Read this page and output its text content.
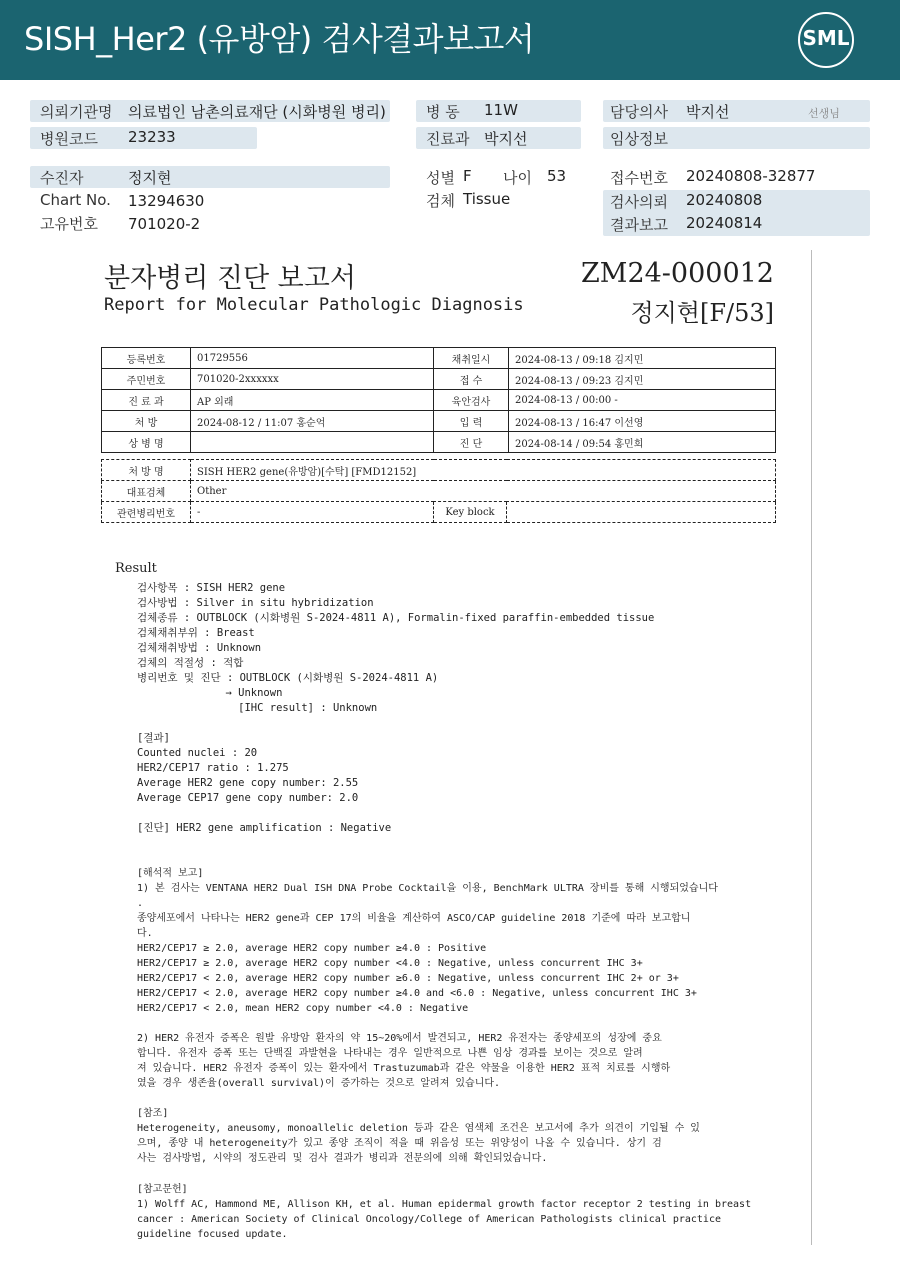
SISH_Her2 (유방암) 검사결과보고서	SML
의뢰기관명 의료법인 남촌의료재단 (시화병원 병리)
병원코드 23233
병 동 11W
진료과 박지선
담당의사 박지선	선생님
임상정보
수진자	정지현
Chart No. 13294630
고유번호 701020-2
성별 F 나이 53
검체 Tissue
접수번호 20240808-32877
검사의뢰 20240808
결과보고 20240814
분자병리 진단 보고서
Report for Molecular Pathologic Diagnosis
ZM24-000012
정지현[F/53]
등록번호	01729556	채취일시	2024-08-13 / 09:18 김지민
주민번호	701020-2xxxxxx	접 수	2024-08-13 / 09:23 김지민
진 료 과	AP 외래	육안검사	2024-08-13 / 00:00 -
처 방	2024-08-12 / 11:07 홍순억	입 력	2024-08-13 / 16:47 이선영
상 병 명		진 단	2024-08-14 / 09:54 홍민희
처 방 명	SISH HER2 gene(유방암)[수탁] [FMD12152]		
대표검체	Other		
관련병리번호	-	Key block	
Result
검사항목 : SISH HER2 gene
검사방법 : Silver in situ hybridization
검체종류 : OUTBLOCK (시화병원 S-2024-4811 A), Formalin-fixed paraffin-embedded tissue
검체채취부위 : Breast
검체채취방법 : Unknown
검체의 적절성 : 적합
병리번호 및 진단 : OUTBLOCK (시화병원 S-2024-4811 A)
→ Unknown
[IHC result] : Unknown
[결과]
Counted nuclei : 20
HER2/CEP17 ratio : 1.275
Average HER2 gene copy number: 2.55
Average CEP17 gene copy number: 2.0
[진단] HER2 gene amplification : Negative
[해석적 보고]
1) 본 검사는 VENTANA HER2 Dual ISH DNA Probe Cocktail을 이용, BenchMark ULTRA 장비를 통해 시행되었습니다
.
종양세포에서 나타나는 HER2 gene과 CEP 17의 비율을 계산하여 ASCO/CAP guideline 2018 기준에 따라 보고합니
다.
HER2/CEP17 ≥ 2.0, average HER2 copy number ≥4.0 : Positive
HER2/CEP17 ≥ 2.0, average HER2 copy number <4.0 : Negative, unless concurrent IHC 3+
HER2/CEP17 < 2.0, average HER2 copy number ≥6.0 : Negative, unless concurrent IHC 2+ or 3+
HER2/CEP17 < 2.0, average HER2 copy number ≥4.0 and <6.0 : Negative, unless concurrent IHC 3+
HER2/CEP17 < 2.0, mean HER2 copy number <4.0 : Negative
2) HER2 유전자 증폭은 원발 유방암 환자의 약 15~20%에서 발견되고, HER2 유전자는 종양세포의 성장에 중요
합니다. 유전자 증폭 또는 단백질 과발현을 나타내는 경우 일반적으로 나쁜 임상 경과를 보이는 것으로 알려
져 있습니다. HER2 유전자 증폭이 있는 환자에서 Trastuzumab과 같은 약물을 이용한 HER2 표적 치료를 시행하
였을 경우 생존율(overall survival)이 증가하는 것으로 알려져 있습니다.
[참조]
Heterogeneity, aneusomy, monoallelic deletion 등과 같은 염색체 조건은 보고서에 추가 의견이 기입될 수 있
으며, 종양 내 heterogeneity가 있고 종양 조직이 적을 때 위음성 또는 위양성이 나올 수 있습니다. 상기 검
사는 검사방법, 시약의 정도관리 및 검사 결과가 병리과 전문의에 의해 확인되었습니다.
[참고문헌]
1) Wolff AC, Hammond ME, Allison KH, et al. Human epidermal growth factor receptor 2 testing in breast
cancer : American Society of Clinical Oncology/College of American Pathologists clinical practice
guideline focused update.
